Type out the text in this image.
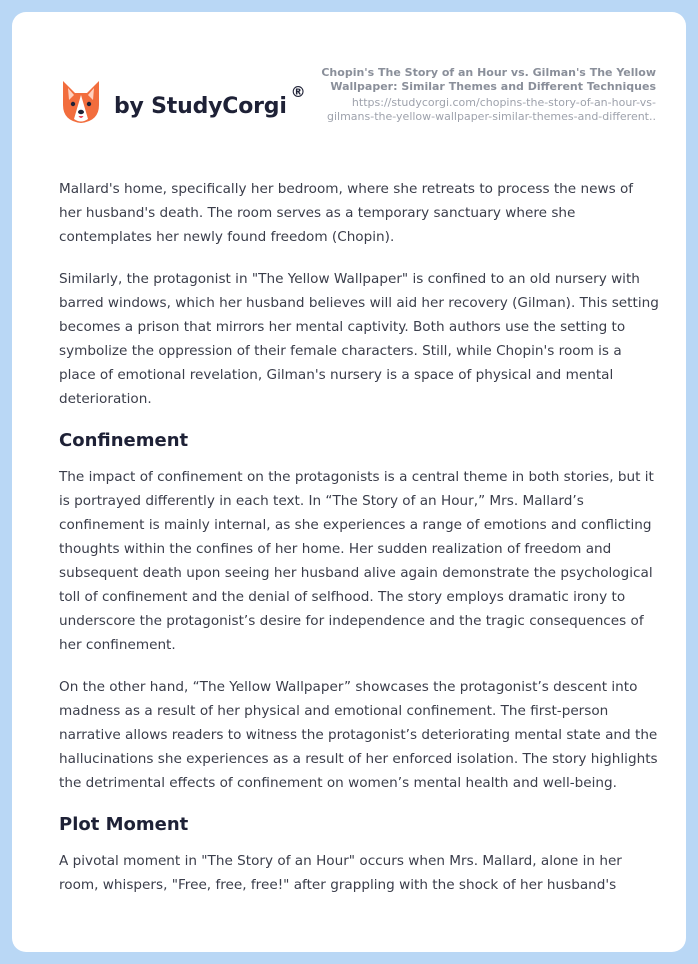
by StudyCorgi
®
Chopin's The Story of an Hour vs. Gilman's The Yellow Wallpaper: Similar Themes and Different Techniques
https://studycorgi.com/chopins-the-story-of-an-hour-vs-gilmans-the-yellow-wallpaper-similar-themes-and-different..

Mallard's home, specifically her bedroom, where she retreats to process the news of her husband's death. The room serves as a temporary sanctuary where she contemplates her newly found freedom (Chopin).

Similarly, the protagonist in "The Yellow Wallpaper" is confined to an old nursery with barred windows, which her husband believes will aid her recovery (Gilman). This setting becomes a prison that mirrors her mental captivity. Both authors use the setting to symbolize the oppression of their female characters. Still, while Chopin's room is a place of emotional revelation, Gilman's nursery is a space of physical and mental deterioration.

Confinement

The impact of confinement on the protagonists is a central theme in both stories, but it is portrayed differently in each text. In “The Story of an Hour,” Mrs. Mallard’s confinement is mainly internal, as she experiences a range of emotions and conflicting thoughts within the confines of her home. Her sudden realization of freedom and subsequent death upon seeing her husband alive again demonstrate the psychological toll of confinement and the denial of selfhood. The story employs dramatic irony to underscore the protagonist’s desire for independence and the tragic consequences of her confinement.

On the other hand, “The Yellow Wallpaper” showcases the protagonist’s descent into madness as a result of her physical and emotional confinement. The first-person narrative allows readers to witness the protagonist’s deteriorating mental state and the hallucinations she experiences as a result of her enforced isolation. The story highlights the detrimental effects of confinement on women’s mental health and well-being.

Plot Moment

A pivotal moment in "The Story of an Hour" occurs when Mrs. Mallard, alone in her room, whispers, "Free, free, free!" after grappling with the shock of her husband's
